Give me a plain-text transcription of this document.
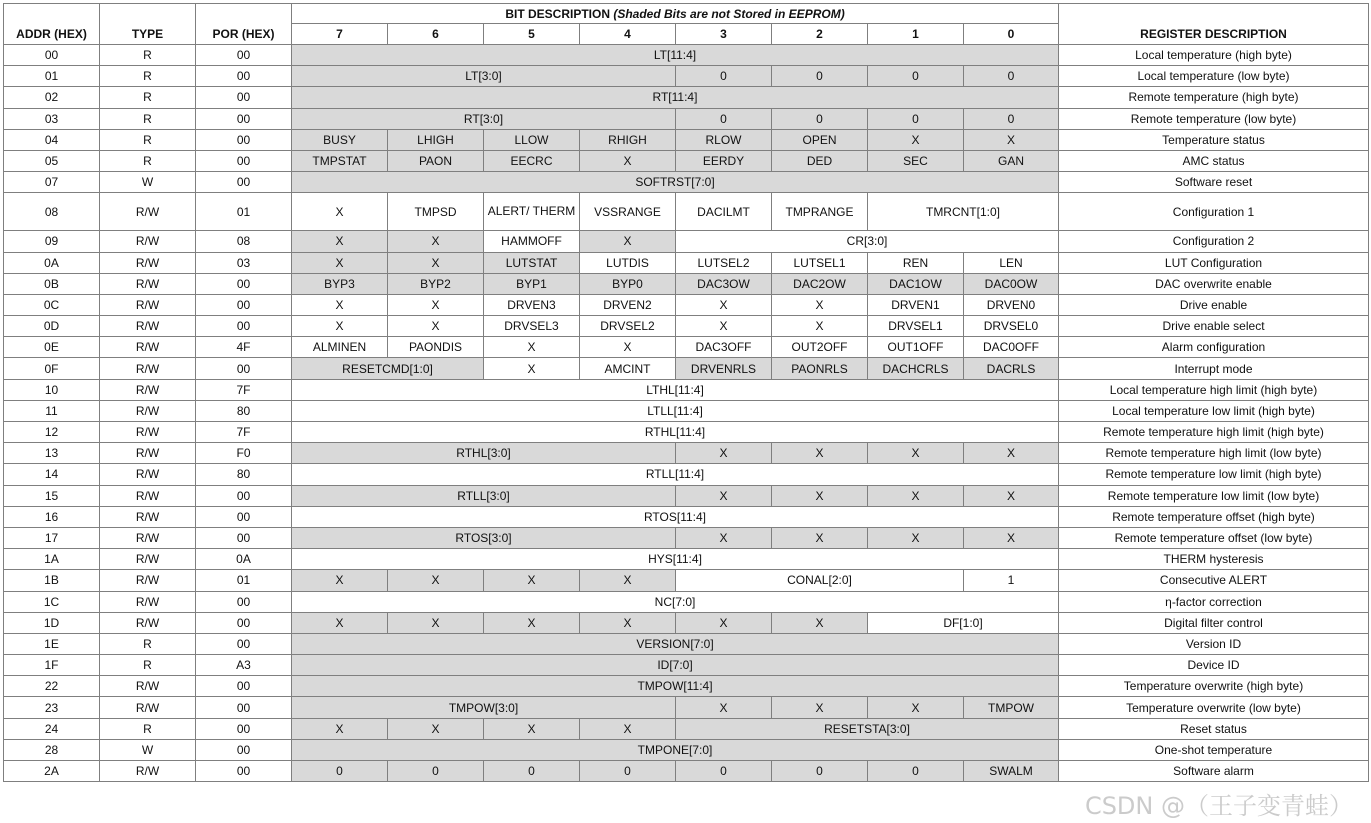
ADDR (HEX)	TYPE	POR (HEX)	BIT DESCRIPTION (Shaded Bits are not Stored in EEPROM)								REGISTER DESCRIPTION
			7	6	5	4	3	2	1	0	
00	R	00	LT[11:4]								Local temperature (high byte)
01	R	00	LT[3:0]				0	0	0	0	Local temperature (low byte)
02	R	00	RT[11:4]								Remote temperature (high byte)
03	R	00	RT[3:0]				0	0	0	0	Remote temperature (low byte)
04	R	00	BUSY	LHIGH	LLOW	RHIGH	RLOW	OPEN	X	X	Temperature status
05	R	00	TMPSTAT	PAON	EECRC	X	EERDY	DED	SEC	GAN	AMC status
07	W	00	SOFTRST[7:0]								Software reset
08	R/W	01	X	TMPSD	ALERT/ THERM	VSSRANGE	DACILMT	TMPRANGE	TMRCNT[1:0]		Configuration 1
09	R/W	08	X	X	HAMMOFF	X	CR[3:0]				Configuration 2
0A	R/W	03	X	X	LUTSTAT	LUTDIS	LUTSEL2	LUTSEL1	REN	LEN	LUT Configuration
0B	R/W	00	BYP3	BYP2	BYP1	BYP0	DAC3OW	DAC2OW	DAC1OW	DAC0OW	DAC overwrite enable
0C	R/W	00	X	X	DRVEN3	DRVEN2	X	X	DRVEN1	DRVEN0	Drive enable
0D	R/W	00	X	X	DRVSEL3	DRVSEL2	X	X	DRVSEL1	DRVSEL0	Drive enable select
0E	R/W	4F	ALMINEN	PAONDIS	X	X	DAC3OFF	OUT2OFF	OUT1OFF	DAC0OFF	Alarm configuration
0F	R/W	00	RESETCMD[1:0]		X	AMCINT	DRVENRLS	PAONRLS	DACHCRLS	DACRLS	Interrupt mode
10	R/W	7F	LTHL[11:4]								Local temperature high limit (high byte)
11	R/W	80	LTLL[11:4]								Local temperature low limit (high byte)
12	R/W	7F	RTHL[11:4]								Remote temperature high limit (high byte)
13	R/W	F0	RTHL[3:0]				X	X	X	X	Remote temperature high limit (low byte)
14	R/W	80	RTLL[11:4]								Remote temperature low limit (high byte)
15	R/W	00	RTLL[3:0]				X	X	X	X	Remote temperature low limit (low byte)
16	R/W	00	RTOS[11:4]								Remote temperature offset (high byte)
17	R/W	00	RTOS[3:0]				X	X	X	X	Remote temperature offset (low byte)
1A	R/W	0A	HYS[11:4]								THERM hysteresis
1B	R/W	01	X	X	X	X	CONAL[2:0]			1	Consecutive ALERT
1C	R/W	00	NC[7:0]								η-factor correction
1D	R/W	00	X	X	X	X	X	X	DF[1:0]		Digital filter control
1E	R	00	VERSION[7:0]								Version ID
1F	R	A3	ID[7:0]								Device ID
22	R/W	00	TMPOW[11:4]								Temperature overwrite (high byte)
23	R/W	00	TMPOW[3:0]				X	X	X	TMPOW	Temperature overwrite (low byte)
24	R	00	X	X	X	X	RESETSTA[3:0]				Reset status
28	W	00	TMPONE[7:0]								One-shot temperature
2A	R/W	00	0	0	0	0	0	0	0	SWALM	Software alarm
CSDN @（王子变青蛙）
